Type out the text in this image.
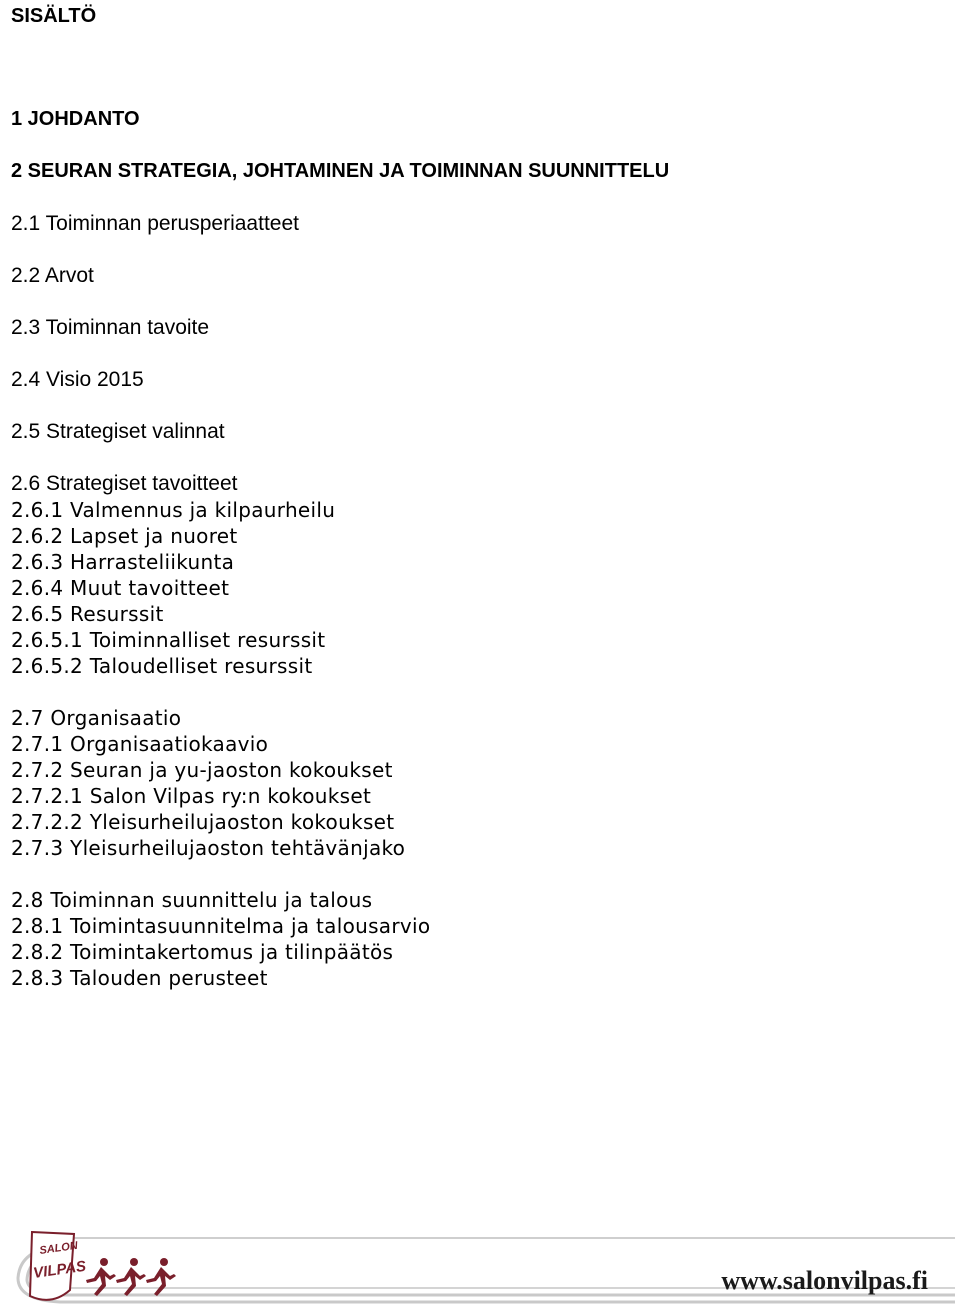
SISÄLTÖ
1 JOHDANTO
2 SEURAN STRATEGIA, JOHTAMINEN JA TOIMINNAN SUUNNITTELU
2.1 Toiminnan perusperiaatteet
2.2 Arvot
2.3 Toiminnan tavoite
2.4 Visio 2015
2.5 Strategiset valinnat
2.6 Strategiset tavoitteet
2.6.1 Valmennus ja kilpaurheilu
2.6.2 Lapset ja nuoret
2.6.3 Harrasteliikunta
2.6.4 Muut tavoitteet
2.6.5 Resurssit
2.6.5.1 Toiminnalliset resurssit
2.6.5.2 Taloudelliset resurssit
2.7 Organisaatio
2.7.1 Organisaatiokaavio
2.7.2 Seuran ja yu-jaoston kokoukset
2.7.2.1 Salon Vilpas ry:n kokoukset
2.7.2.2 Yleisurheilujaoston kokoukset
2.7.3 Yleisurheilujaoston tehtävänjako
2.8 Toiminnan suunnittelu ja talous
2.8.1 Toimintasuunnitelma ja talousarvio
2.8.2 Toimintakertomus ja tilinpäätös
2.8.3 Talouden perusteet
SALON
VILPAS	www.salonvilpas.fi
